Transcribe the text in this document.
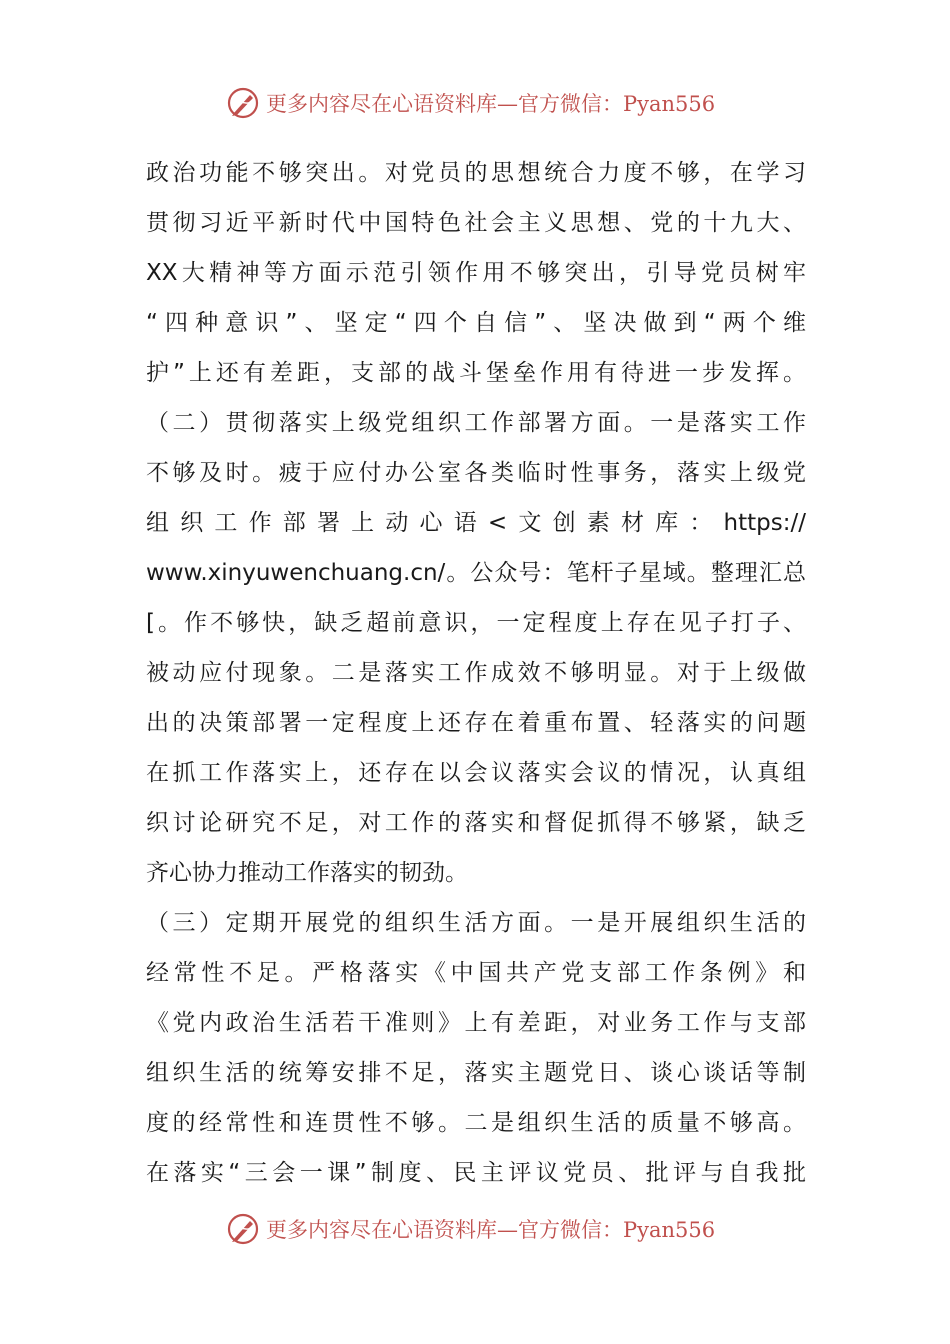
更多内容尽在心语资料库—官方微信：Pyan556
政治功能不够突出。对党员的思想统合力度不够，在学习
贯彻习近平新时代中国特色社会主义思想、党的十九大、
XX大精神等方面示范引领作用不够突出，引导党员树牢
“四种意识”、坚定“四个自信”、坚决做到“两个维
护”上还有差距，支部的战斗堡垒作用有待进一步发挥。
（二）贯彻落实上级党组织工作部署方面。一是落实工作
不够及时。疲于应付办公室各类临时性事务，落实上级党
组织工作部署上动心语<文创素材库：https://
www.xinyuwenchuang.cn/。公众号：笔杆子星域。整理汇总
[。作不够快，缺乏超前意识，一定程度上存在见子打子、
被动应付现象。二是落实工作成效不够明显。对于上级做
出的决策部署一定程度上还存在着重布置、轻落实的问题
在抓工作落实上，还存在以会议落实会议的情况，认真组
织讨论研究不足，对工作的落实和督促抓得不够紧，缺乏
齐心协力推动工作落实的韧劲。
（三）定期开展党的组织生活方面。一是开展组织生活的
经常性不足。严格落实《中国共产党支部工作条例》和
《党内政治生活若干准则》上有差距，对业务工作与支部
组织生活的统筹安排不足，落实主题党日、谈心谈话等制
度的经常性和连贯性不够。二是组织生活的质量不够高。
在落实“三会一课”制度、民主评议党员、批评与自我批
更多内容尽在心语资料库—官方微信：Pyan556
